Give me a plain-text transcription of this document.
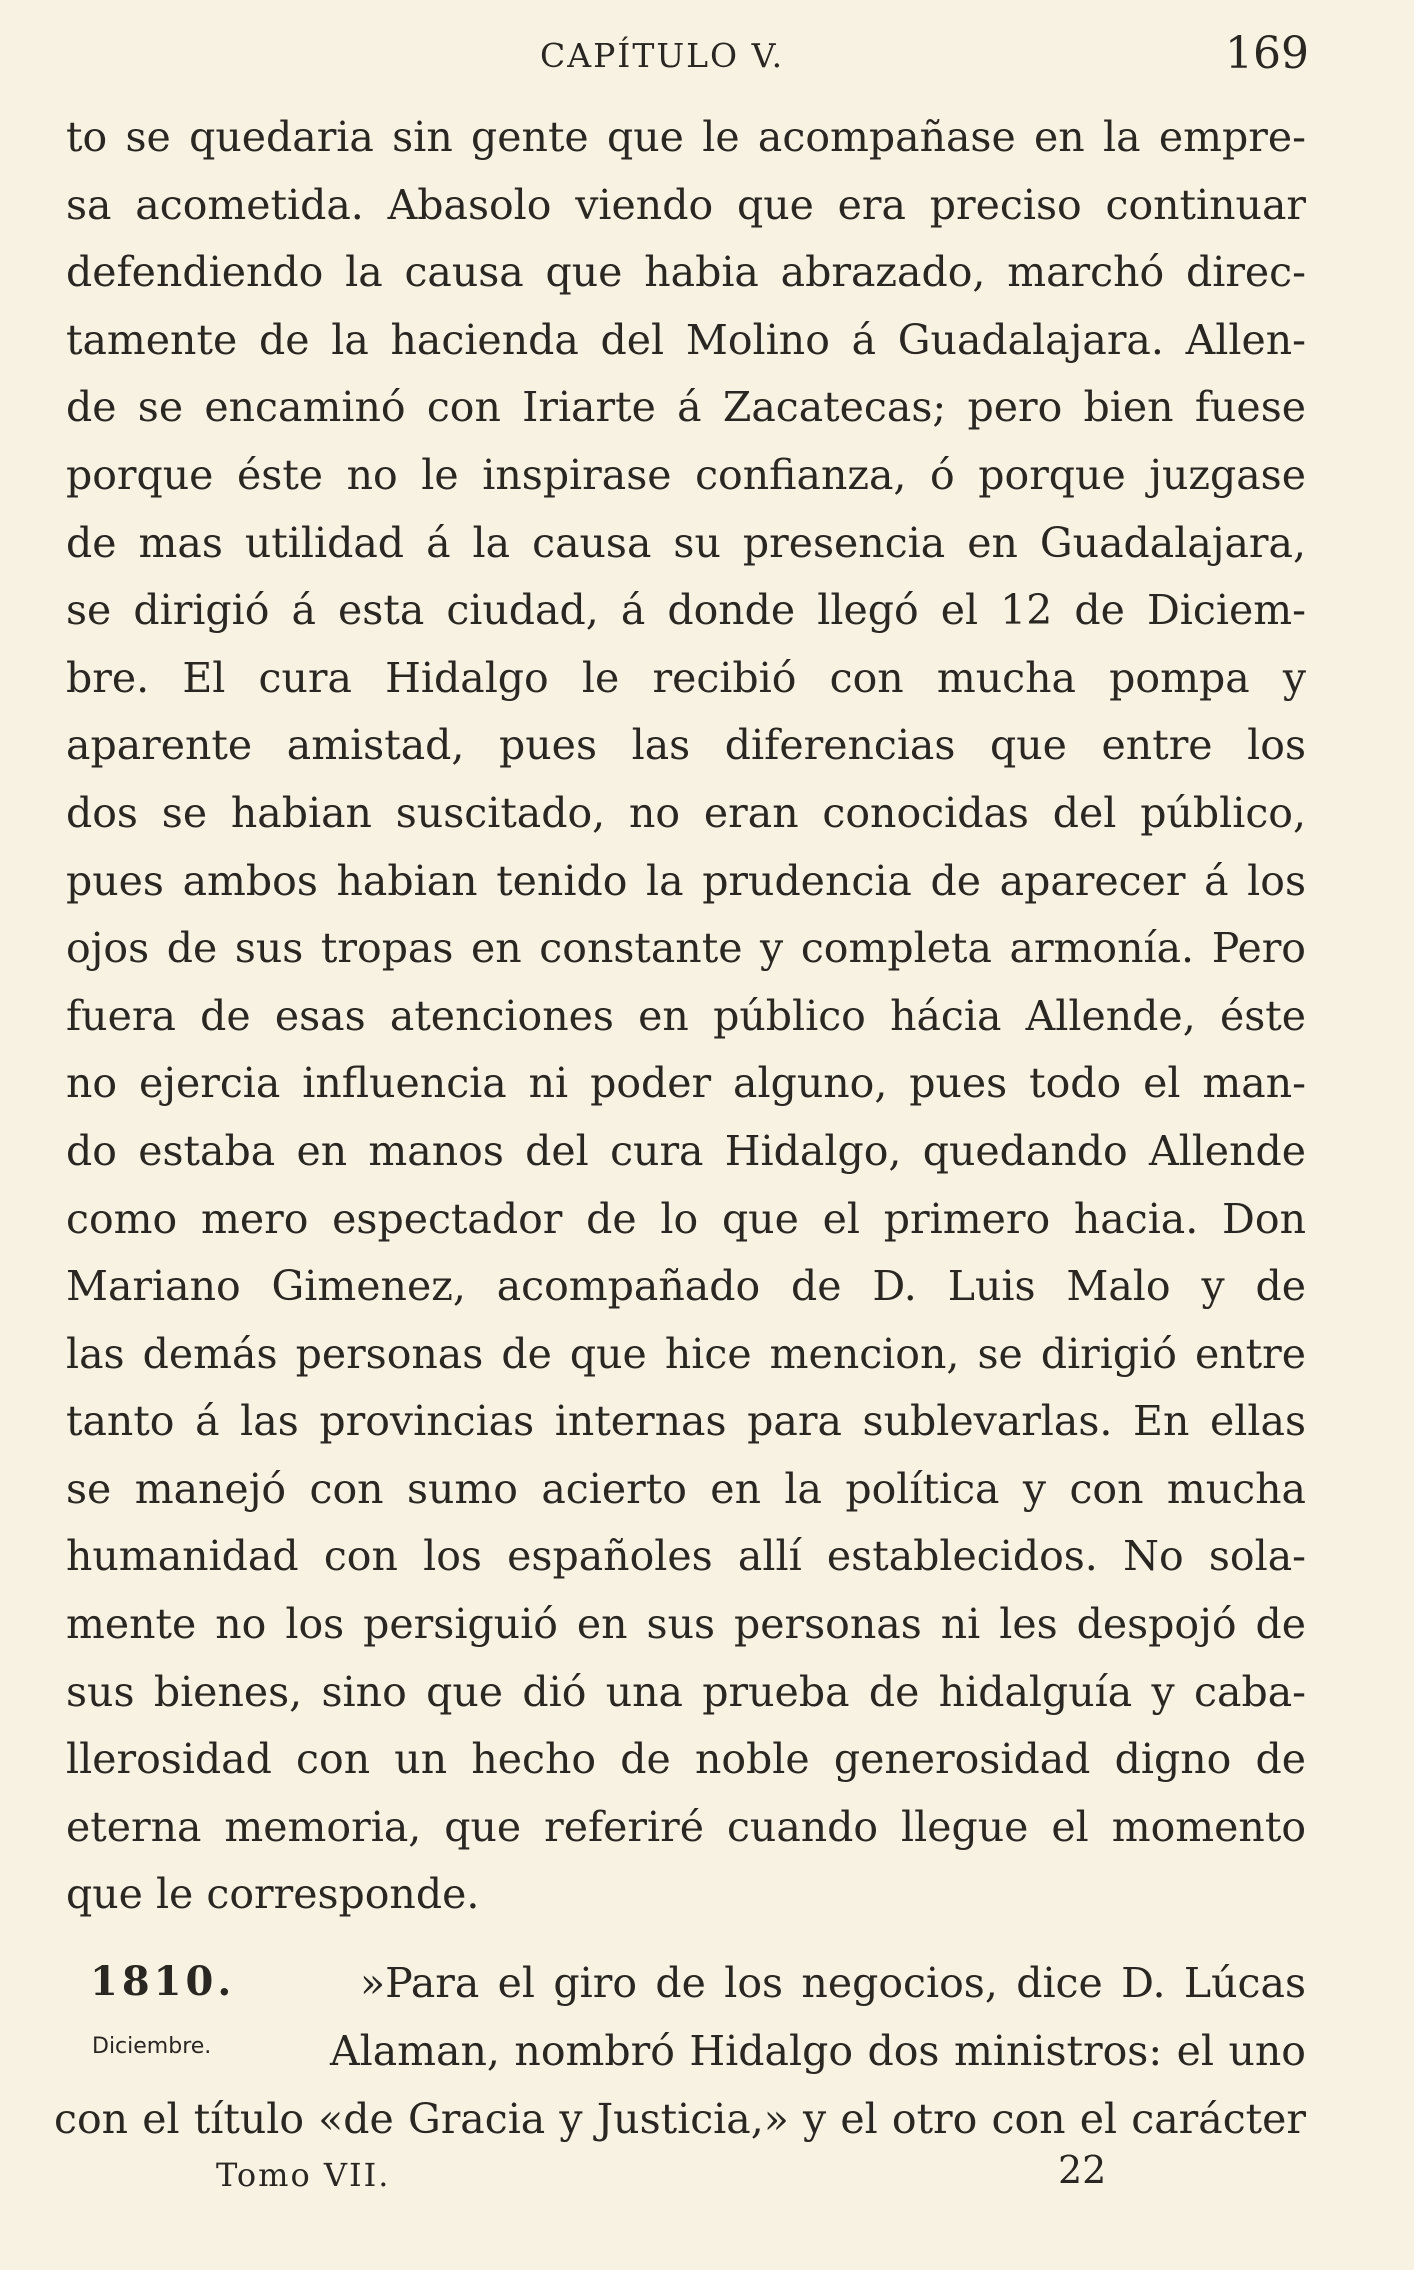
CAPÍTULO V.	169
to se quedaria sin gente que le acompañase en la empre-
sa acometida. Abasolo viendo que era preciso continuar
defendiendo la causa que habia abrazado, marchó direc-
tamente de la hacienda del Molino á Guadalajara. Allen-
de se encaminó con Iriarte á Zacatecas; pero bien fuese
porque éste no le inspirase confianza, ó porque juzgase
de mas utilidad á la causa su presencia en Guadalajara,
se dirigió á esta ciudad, á donde llegó el 12 de Diciem-
bre. El cura Hidalgo le recibió con mucha pompa y
aparente amistad, pues las diferencias que entre los
dos se habian suscitado, no eran conocidas del público,
pues ambos habian tenido la prudencia de aparecer á los
ojos de sus tropas en constante y completa armonía. Pero
fuera de esas atenciones en público hácia Allende, éste
no ejercia influencia ni poder alguno, pues todo el man-
do estaba en manos del cura Hidalgo, quedando Allende
como mero espectador de lo que el primero hacia. Don
Mariano Gimenez, acompañado de D. Luis Malo y de
las demás personas de que hice mencion, se dirigió entre
tanto á las provincias internas para sublevarlas. En ellas
se manejó con sumo acierto en la política y con mucha
humanidad con los españoles allí establecidos. No sola-
mente no los persiguió en sus personas ni les despojó de
sus bienes, sino que dió una prueba de hidalguía y caba-
llerosidad con un hecho de noble generosidad digno de
eterna memoria, que referiré cuando llegue el momento
que le corresponde.
1810.
Diciembre.
»Para el giro de los negocios, dice D. Lúcas
Alaman, nombró Hidalgo dos ministros: el uno
con el título «de Gracia y Justicia,» y el otro con el carácter
Tomo VII.	22
